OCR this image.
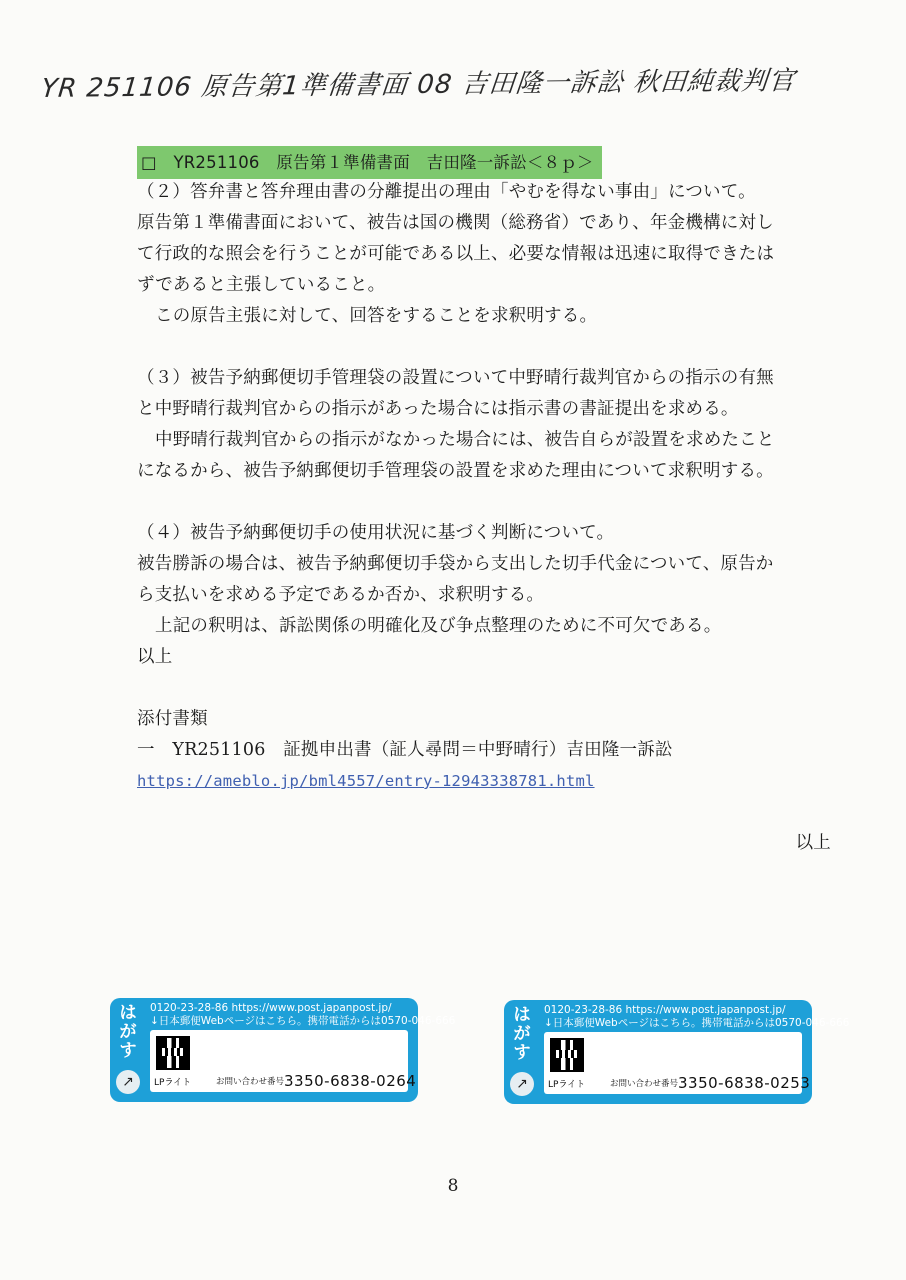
YR 251106 原告第1準備書面 08 吉田隆一訴訟 秋田純裁判官
□　YR251106　原告第１準備書面　吉田隆一訴訟＜８ｐ＞
（２）答弁書と答弁理由書の分離提出の理由「やむを得ない事由」について。
原告第１準備書面において、被告は国の機関（総務省）であり、年金機構に対し
て行政的な照会を行うことが可能である以上、必要な情報は迅速に取得できたは
ずであると主張していること。
この原告主張に対して、回答をすることを求釈明する。
（３）被告予納郵便切手管理袋の設置について中野晴行裁判官からの指示の有無
と中野晴行裁判官からの指示があった場合には指示書の書証提出を求める。
中野晴行裁判官からの指示がなかった場合には、被告自らが設置を求めたこと
になるから、被告予納郵便切手管理袋の設置を求めた理由について求釈明する。
（４）被告予納郵便切手の使用状況に基づく判断について。
被告勝訴の場合は、被告予納郵便切手袋から支出した切手代金について、原告か
ら支払いを求める予定であるか否か、求釈明する。
上記の釈明は、訴訟関係の明確化及び争点整理のために不可欠である。
以上
添付書類
一　YR251106　証拠申出書（証人尋問＝中野晴行）吉田隆一訴訟
https://ameblo.jp/bml4557/entry-12943338781.html
以上
は
が
す
↗
0120-23-28-86 https://www.post.japanpost.jp/
↓日本郵便Webページはこちら。携帯電話からは0570-046-666
LPライト	お問い合わせ番号 3350-6838-0264
は
が
す
↗
0120-23-28-86 https://www.post.japanpost.jp/
↓日本郵便Webページはこちら。携帯電話からは0570-046-666
LPライト	お問い合わせ番号 3350-6838-0253
8
